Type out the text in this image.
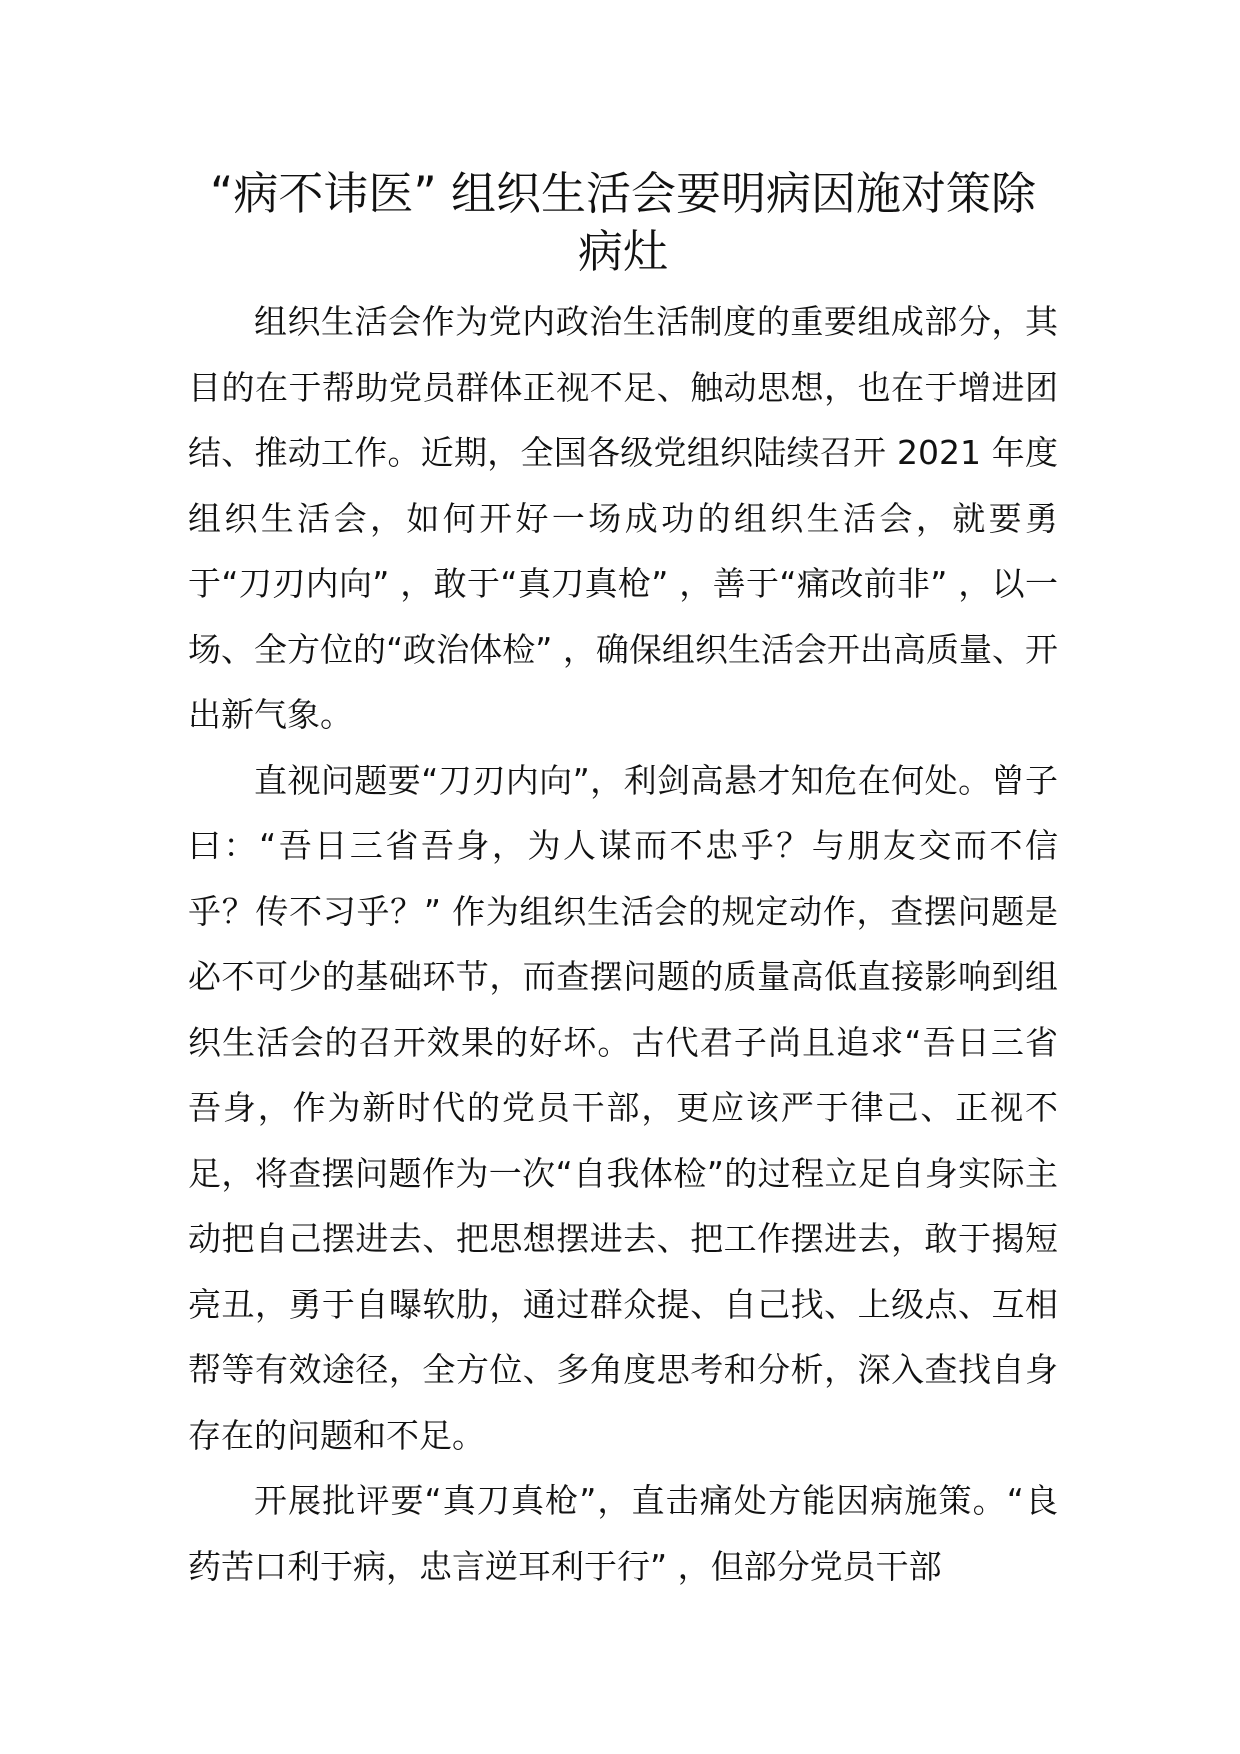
“病不讳医” 组织生活会要明病因施对策除病灶

组织生活会作为党内政治生活制度的重要组成部分，其目的在于帮助党员群体正视不足、触动思想，也在于增进团结、推动工作。近期，全国各级党组织陆续召开 2021 年度组织生活会，如何开好一场成功的组织生活会，就要勇于“刀刃内向” ，敢于“真刀真枪” ，善于“痛改前非” ，以一场、全方位的“政治体检” ，确保组织生活会开出高质量、开出新气象。

直视问题要“刀刃内向”，利剑高悬才知危在何处。曾子曰：“吾日三省吾身，为人谋而不忠乎？与朋友交而不信乎？传不习乎？” 作为组织生活会的规定动作，查摆问题是必不可少的基础环节，而查摆问题的质量高低直接影响到组织生活会的召开效果的好坏。古代君子尚且追求“吾日三省吾身，作为新时代的党员干部，更应该严于律己、正视不足，将查摆问题作为一次“自我体检”的过程立足自身实际主动把自己摆进去、把思想摆进去、把工作摆进去，敢于揭短亮丑，勇于自曝软肋，通过群众提、自己找、上级点、互相帮等有效途径，全方位、多角度思考和分析，深入查找自身存在的问题和不足。

开展批评要“真刀真枪”，直击痛处方能因病施策。“良药苦口利于病，忠言逆耳利于行” ，但部分党员干部
